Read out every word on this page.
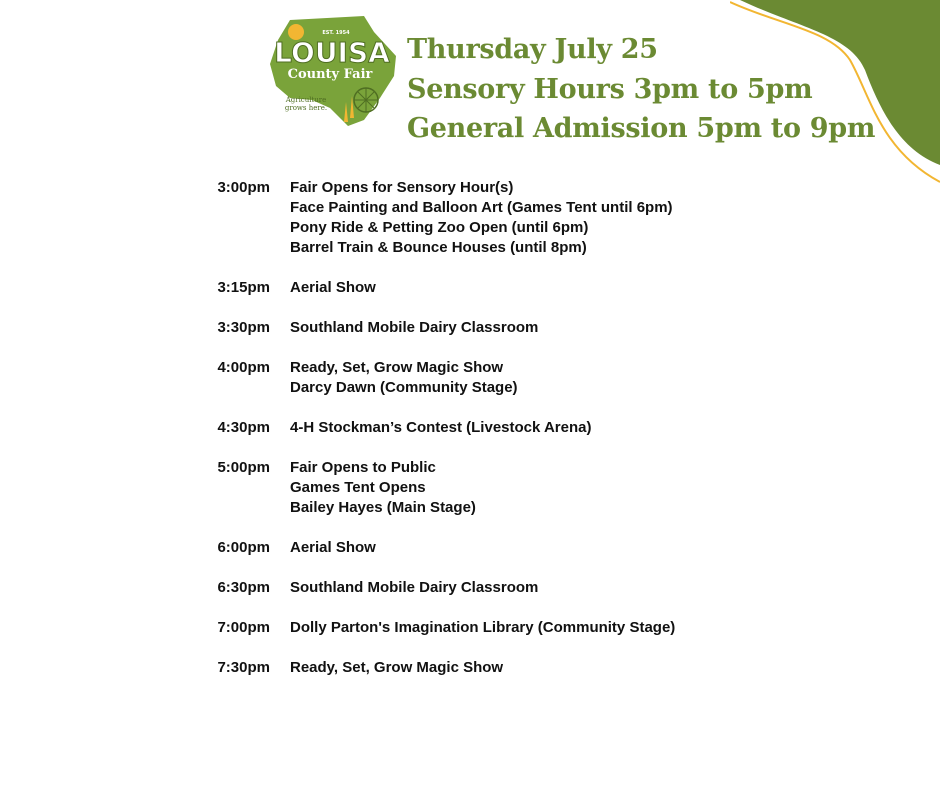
EST. 1954
LOUISA
County Fair
Agriculture
grows here.
Thursday July 25
Sensory Hours 3pm to 5pm
General Admission 5pm to 9pm
3:00pm Fair Opens for Sensory Hour(s)
Face Painting and Balloon Art (Games Tent until 6pm)
Pony Ride & Petting Zoo Open (until 6pm)
Barrel Train & Bounce Houses (until 8pm)
3:15pm Aerial Show
3:30pm Southland Mobile Dairy Classroom
4:00pm Ready, Set, Grow Magic Show
Darcy Dawn (Community Stage)
4:30pm 4-H Stockman’s Contest (Livestock Arena)
5:00pm Fair Opens to Public
Games Tent Opens
Bailey Hayes (Main Stage)
6:00pm Aerial Show
6:30pm Southland Mobile Dairy Classroom
7:00pm Dolly Parton's Imagination Library (Community Stage)
7:30pm Ready, Set, Grow Magic Show
